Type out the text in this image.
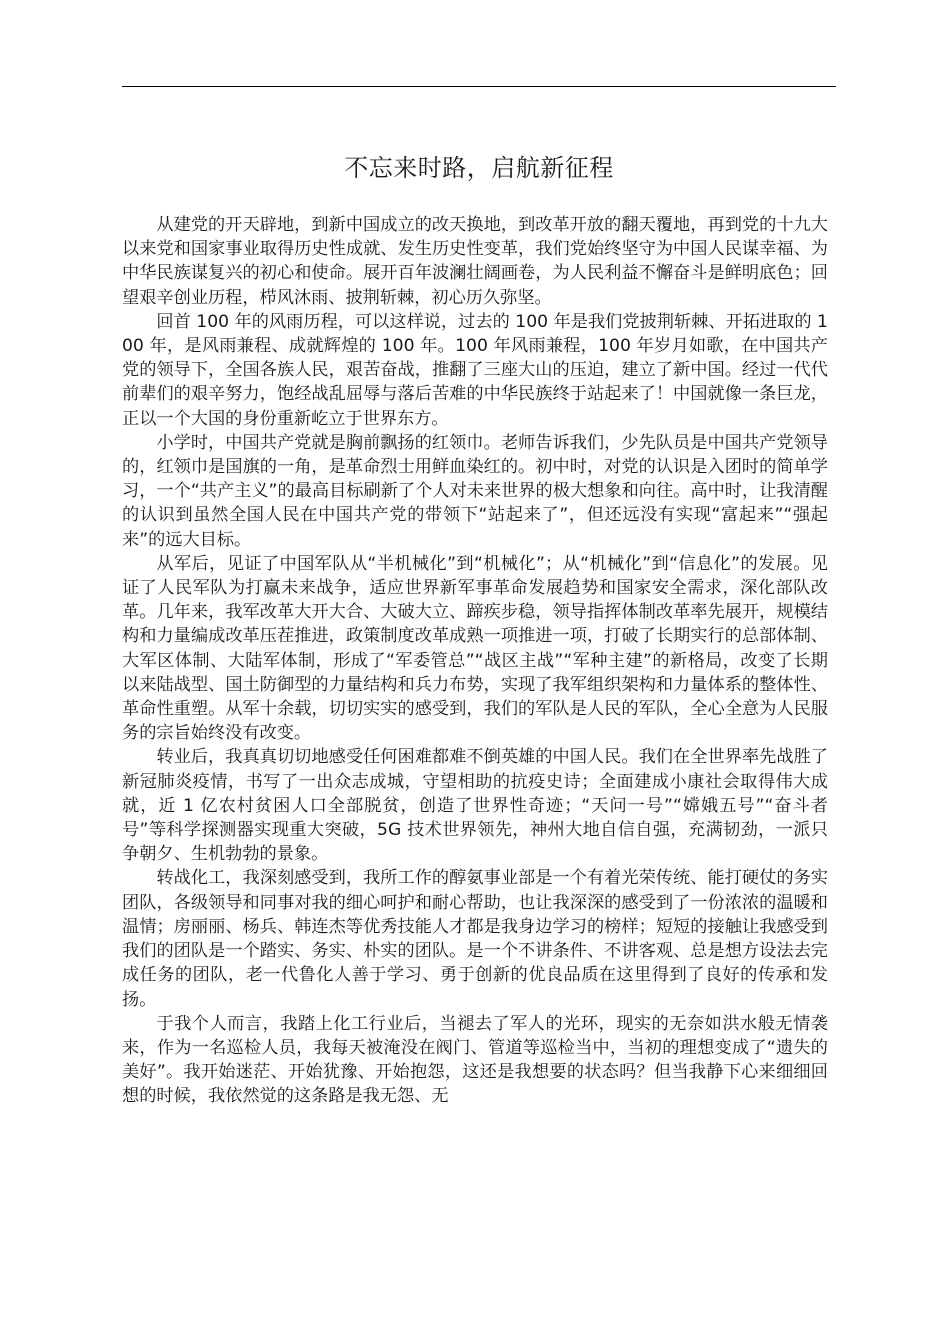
不忘来时路，启航新征程

从建党的开天辟地，到新中国成立的改天换地，到改革开放的翻天覆地，再到党的十九大以来党和国家事业取得历史性成就、发生历史性变革，我们党始终坚守为中国人民谋幸福、为中华民族谋复兴的初心和使命。展开百年波澜壮阔画卷，为人民利益不懈奋斗是鲜明底色；回望艰辛创业历程，栉风沐雨、披荆斩棘，初心历久弥坚。

回首 100 年的风雨历程，可以这样说，过去的 100 年是我们党披荆斩棘、开拓进取的 100 年，是风雨兼程、成就辉煌的 100 年。100 年风雨兼程，100 年岁月如歌，在中国共产党的领导下，全国各族人民，艰苦奋战，推翻了三座大山的压迫，建立了新中国。经过一代代前辈们的艰辛努力，饱经战乱屈辱与落后苦难的中华民族终于站起来了！中国就像一条巨龙，正以一个大国的身份重新屹立于世界东方。

小学时，中国共产党就是胸前飘扬的红领巾。老师告诉我们，少先队员是中国共产党领导的，红领巾是国旗的一角，是革命烈士用鲜血染红的。初中时，对党的认识是入团时的简单学习，一个“共产主义”的最高目标刷新了个人对未来世界的极大想象和向往。高中时，让我清醒的认识到虽然全国人民在中国共产党的带领下“站起来了”，但还远没有实现“富起来”“强起来”的远大目标。

从军后，见证了中国军队从“半机械化”到“机械化”；从“机械化”到“信息化”的发展。见证了人民军队为打赢未来战争，适应世界新军事革命发展趋势和国家安全需求，深化部队改革。几年来，我军改革大开大合、大破大立、蹄疾步稳，领导指挥体制改革率先展开，规模结构和力量编成改革压茬推进，政策制度改革成熟一项推进一项，打破了长期实行的总部体制、大军区体制、大陆军体制，形成了“军委管总”“战区主战”“军种主建”的新格局，改变了长期以来陆战型、国土防御型的力量结构和兵力布势，实现了我军组织架构和力量体系的整体性、革命性重塑。从军十余载，切切实实的感受到，我们的军队是人民的军队，全心全意为人民服务的宗旨始终没有改变。

转业后，我真真切切地感受任何困难都难不倒英雄的中国人民。我们在全世界率先战胜了新冠肺炎疫情，书写了一出众志成城，守望相助的抗疫史诗；全面建成小康社会取得伟大成就，近 1 亿农村贫困人口全部脱贫，创造了世界性奇迹；“天问一号”“嫦娥五号”“奋斗者号”等科学探测器实现重大突破，5G 技术世界领先，神州大地自信自强，充满韧劲，一派只争朝夕、生机勃勃的景象。

转战化工，我深刻感受到，我所工作的醇氨事业部是一个有着光荣传统、能打硬仗的务实团队，各级领导和同事对我的细心呵护和耐心帮助，也让我深深的感受到了一份浓浓的温暖和温情；房丽丽、杨兵、韩连杰等优秀技能人才都是我身边学习的榜样；短短的接触让我感受到我们的团队是一个踏实、务实、朴实的团队。是一个不讲条件、不讲客观、总是想方设法去完成任务的团队，老一代鲁化人善于学习、勇于创新的优良品质在这里得到了良好的传承和发扬。

于我个人而言，我踏上化工行业后，当褪去了军人的光环，现实的无奈如洪水般无情袭来，作为一名巡检人员，我每天被淹没在阀门、管道等巡检当中，当初的理想变成了“遗失的美好”。我开始迷茫、开始犹豫、开始抱怨，这还是我想要的状态吗？但当我静下心来细细回想的时候，我依然觉的这条路是我无怨、无
